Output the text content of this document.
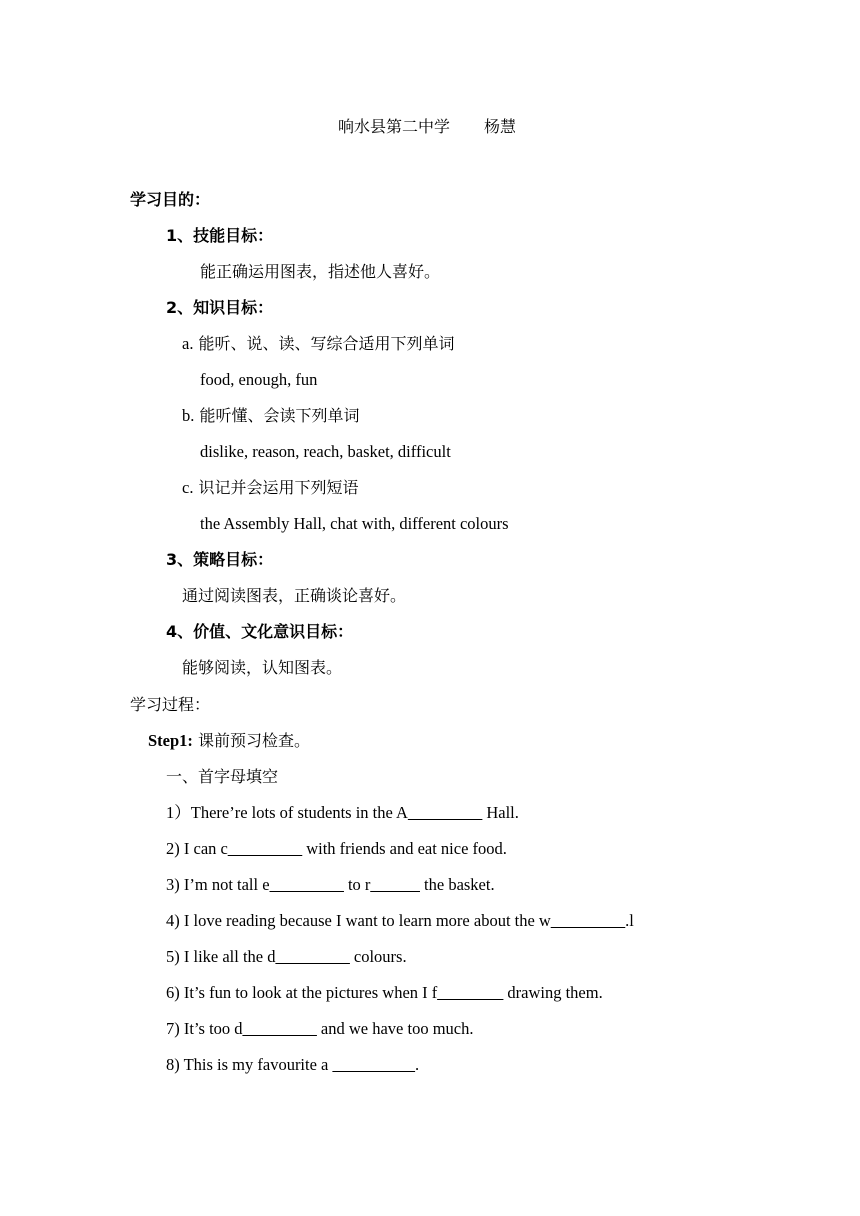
响水县第二中学 杨慧
学习目的：
1、技能目标：
能正确运用图表，指述他人喜好。
2、知识目标：
a. 能听、说、读、写综合适用下列单词
food, enough, fun
b. 能听懂、会读下列单词
dislike, reason, reach, basket, difficult
c. 识记并会运用下列短语
the Assembly Hall, chat with, different colours
3、策略目标：
通过阅读图表，正确谈论喜好。
4、价值、文化意识目标：
能够阅读，认知图表。
学习过程：
Step1: 课前预习检查。
一、首字母填空
1）There’re lots of students in the A_________ Hall.
2) I can c_________ with friends and eat nice food.
3) I’m not tall e_________ to r______ the basket.
4) I love reading because I want to learn more about the w_________.l
5) I like all the d_________ colours.
6) It’s fun to look at the pictures when I f________ drawing them.
7) It’s too d_________ and we have too much.
8) This is my favourite a __________.
